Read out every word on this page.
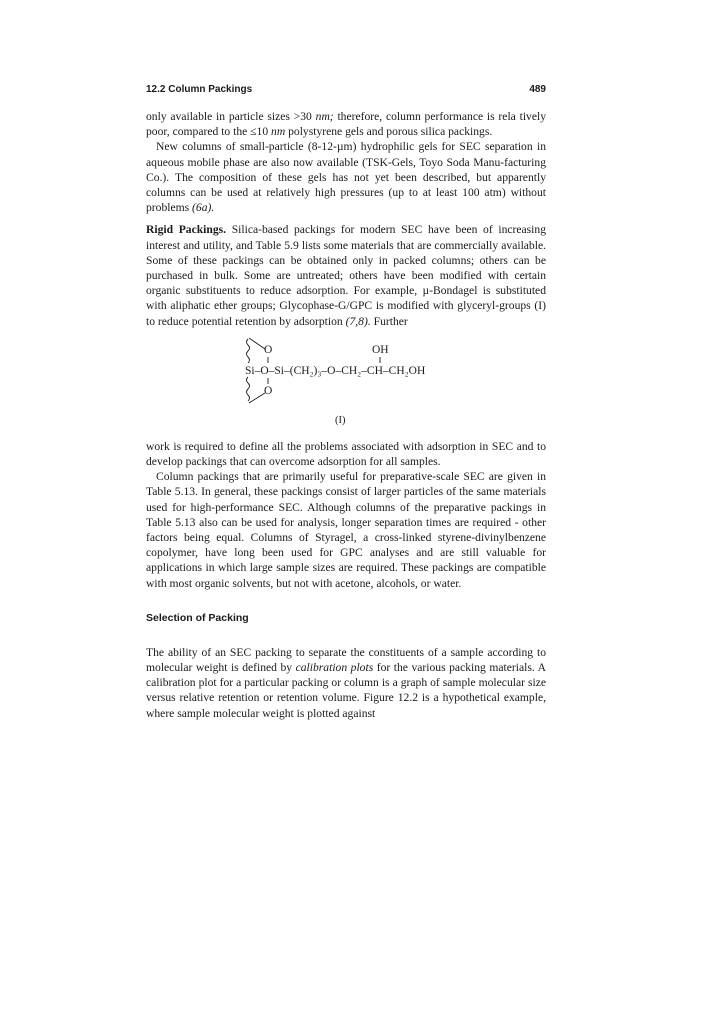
12.2 Column Packings	489

only available in particle sizes >30 nm; therefore, column performance is rela tively poor, compared to the ≤10 nm polystyrene gels and porous silica packings.

New columns of small-particle (8-12-µm) hydrophilic gels for SEC separation in aqueous mobile phase are also now available (TSK-Gels, Toyo Soda Manu-facturing Co.). The composition of these gels has not yet been described, but apparently columns can be used at relatively high pressures (up to at least 100 atm) without problems (6a).

Rigid Packings. Silica-based packings for modern SEC have been of increasing interest and utility, and Table 5.9 lists some materials that are commercially available. Some of these packings can be obtained only in packed columns; others can be purchased in bulk. Some are untreated; others have been modified with certain organic substituents to reduce adsorption. For example, µ-Bondagel is substituted with aliphatic ether groups; Glycophase-G/GPC is modified with glyceryl-groups (I) to reduce potential retention by adsorption (7,8). Further

O	OH
Si–O–Si–(CH₂)₃–O–CH₂–CH–CH₂OH
O
(I)

work is required to define all the problems associated with adsorption in SEC and to develop packings that can overcome adsorption for all samples.

Column packings that are primarily useful for preparative-scale SEC are given in Table 5.13. In general, these packings consist of larger particles of the same materials used for high-performance SEC. Although columns of the preparative packings in Table 5.13 also can be used for analysis, longer separation times are required - other factors being equal. Columns of Styragel, a cross-linked styrene-divinylbenzene copolymer, have long been used for GPC analyses and are still valuable for applications in which large sample sizes are required. These packings are compatible with most organic solvents, but not with acetone, alcohols, or water.

Selection of Packing

The ability of an SEC packing to separate the constituents of a sample according to molecular weight is defined by calibration plots for the various packing materials. A calibration plot for a particular packing or column is a graph of sample molecular size versus relative retention or retention volume. Figure 12.2 is a hypothetical example, where sample molecular weight is plotted against
